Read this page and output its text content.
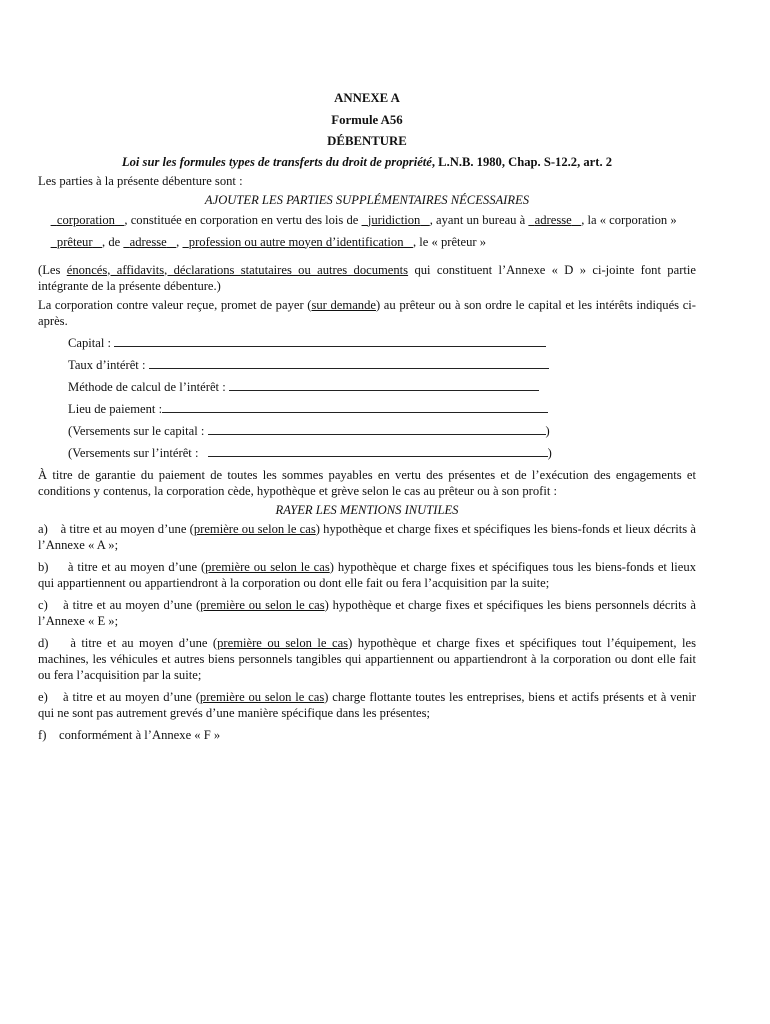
ANNEXE A
Formule A56
DÉBENTURE
Loi sur les formules types de transferts du droit de propriété, L.N.B. 1980, Chap. S-12.2, art. 2

Les parties à la présente débenture sont :

AJOUTER LES PARTIES SUPPLÉMENTAIRES NÉCESSAIRES

corporation , constituée en corporation en vertu des lois de juridiction , ayant un bureau à adresse , la « corporation »

prêteur , de adresse , profession ou autre moyen d’identification , le « prêteur »

(Les énoncés, affidavits, déclarations statutaires ou autres documents qui constituent l’Annexe « D » ci-jointe font partie intégrante de la présente débenture.)

La corporation contre valeur reçue, promet de payer (sur demande) au prêteur ou à son ordre le capital et les intérêts indiqués ci-après.

Capital :
Taux d’intérêt :
Méthode de calcul de l’intérêt :
Lieu de paiement :
(Versements sur le capital :	)
(Versements sur l’intérêt :	)

À titre de garantie du paiement de toutes les sommes payables en vertu des présentes et de l’exécution des engagements et conditions y contenus, la corporation cède, hypothèque et grève selon le cas au prêteur ou à son profit :

RAYER LES MENTIONS INUTILES

a) à titre et au moyen d’une (première ou selon le cas) hypothèque et charge fixes et spécifiques les biens-fonds et lieux décrits à l’Annexe « A »;

b) à titre et au moyen d’une (première ou selon le cas) hypothèque et charge fixes et spécifiques tous les biens-fonds et lieux qui appartiennent ou appartiendront à la corporation ou dont elle fait ou fera l’acquisition par la suite;

c) à titre et au moyen d’une (première ou selon le cas) hypothèque et charge fixes et spécifiques les biens personnels décrits à l’Annexe « E »;

d) à titre et au moyen d’une (première ou selon le cas) hypothèque et charge fixes et spécifiques tout l’équipement, les machines, les véhicules et autres biens personnels tangibles qui appartiennent ou appartiendront à la corporation ou dont elle fait ou fera l’acquisition par la suite;

e) à titre et au moyen d’une (première ou selon le cas) charge flottante toutes les entreprises, biens et actifs présents et à venir qui ne sont pas autrement grevés d’une manière spécifique dans les présentes;

f) conformément à l’Annexe « F »
